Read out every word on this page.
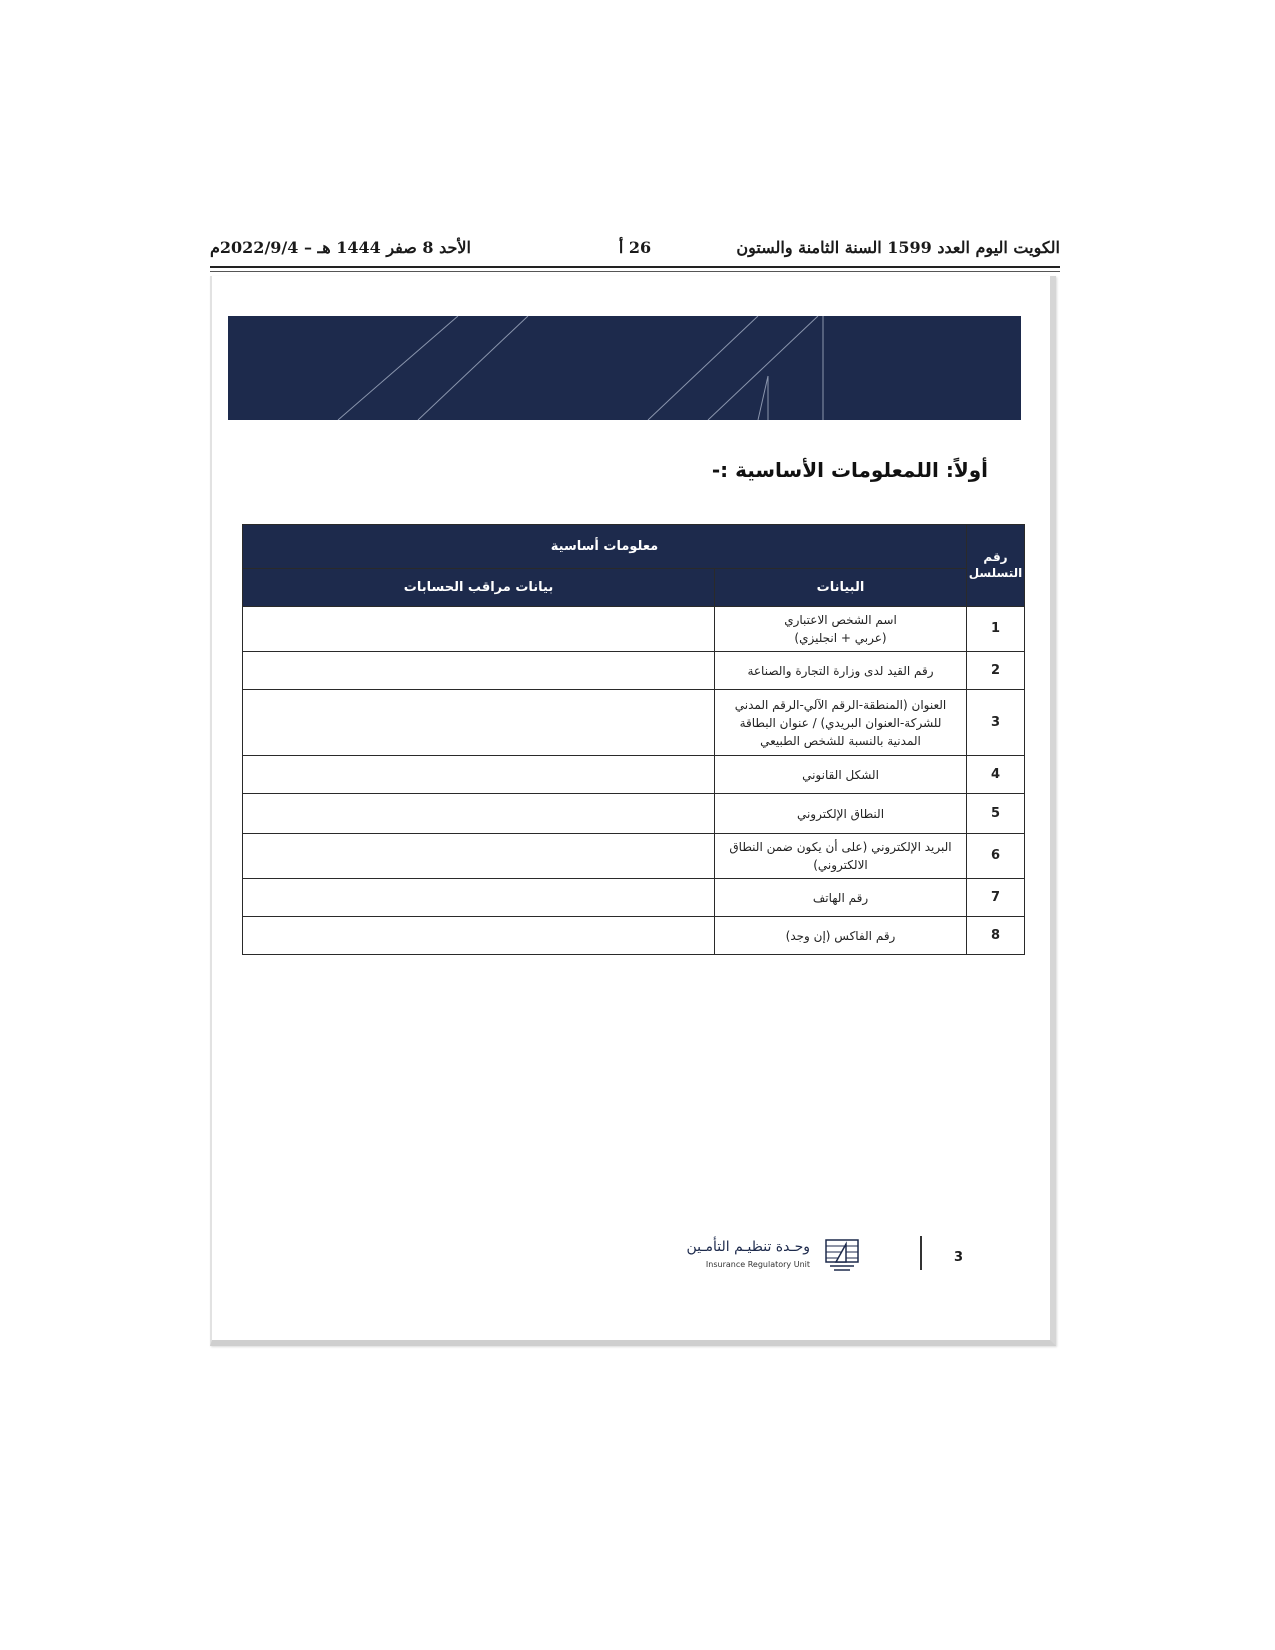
الكويت اليوم العدد 1599 السنة الثامنة والستون
26 أ
الأحد 8 صفر 1444 هـ – 2022/9/4م
أولاً: اللمعلومات الأساسية :-
رقم
التسلسل	معلومات أساسية	
	البيانات	بيانات مراقب الحسابات
1	اسم الشخص الاعتباري
(عربي + انجليزي)	
2	رقم القيد لدى وزارة التجارة والصناعة	
3	العنوان (المنطقة-الرقم الآلي-الرقم المدني للشركة-العنوان البريدي) / عنوان البطاقة المدنية بالنسبة للشخص الطبيعي	
4	الشكل القانوني	
5	النطاق الإلكتروني	
6	البريد الإلكتروني (على أن يكون ضمن النطاق الالكتروني)	
7	رقم الهاتف	
8	رقم الفاكس (إن وجد)	
3
وحـدة تنظيـم التأمـين
Insurance Regulatory Unit
